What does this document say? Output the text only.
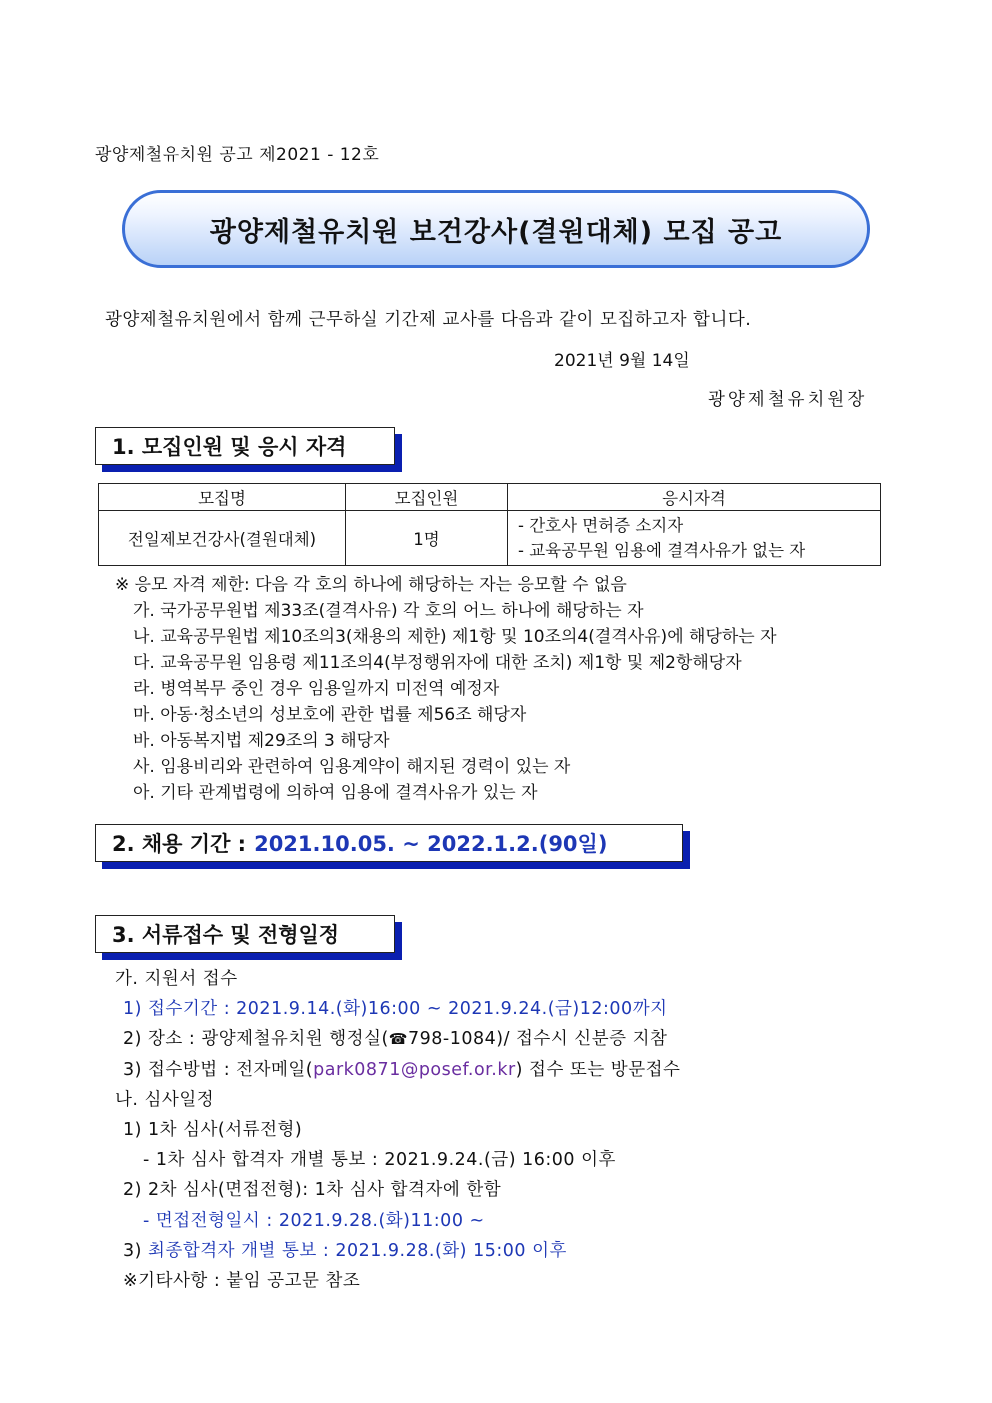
광양제철유치원 공고 제2021 - 12호
광양제철유치원 보건강사(결원대체) 모집 공고
광양제철유치원에서 함께 근무하실 기간제 교사를 다음과 같이 모집하고자 합니다.
2021년 9월 14일
광양제철유치원장
1. 모집인원 및 응시 자격
모집명	모집인원	응시자격
전일제보건강사(결원대체)	1명	- 간호사 면허증 소지자
- 교육공무원 임용에 결격사유가 없는 자
※ 응모 자격 제한: 다음 각 호의 하나에 해당하는 자는 응모할 수 없음
가. 국가공무원법 제33조(결격사유) 각 호의 어느 하나에 해당하는 자
나. 교육공무원법 제10조의3(채용의 제한) 제1항 및 10조의4(결격사유)에 해당하는 자
다. 교육공무원 임용령 제11조의4(부정행위자에 대한 조치) 제1항 및 제2항해당자
라. 병역복무 중인 경우 임용일까지 미전역 예정자
마. 아동·청소년의 성보호에 관한 법률 제56조 해당자
바. 아동복지법 제29조의 3 해당자
사. 임용비리와 관련하여 임용계약이 해지된 경력이 있는 자
아. 기타 관계법령에 의하여 임용에 결격사유가 있는 자
2. 채용 기간 : 2021.10.05. ~ 2022.1.2.(90일)
3. 서류접수 및 전형일정
가. 지원서 접수
1) 접수기간 : 2021.9.14.(화)16:00 ~ 2021.9.24.(금)12:00까지
2) 장소 : 광양제철유치원 행정실(☎798-1084)/ 접수시 신분증 지참
3) 접수방법 : 전자메일(park0871@posef.or.kr) 접수 또는 방문접수
나. 심사일정
1) 1차 심사(서류전형)
- 1차 심사 합격자 개별 통보 : 2021.9.24.(금) 16:00 이후
2) 2차 심사(면접전형): 1차 심사 합격자에 한함
- 면접전형일시 : 2021.9.28.(화)11:00 ~
3) 최종합격자 개별 통보 : 2021.9.28.(화) 15:00 이후
※기타사항 : 붙임 공고문 참조
